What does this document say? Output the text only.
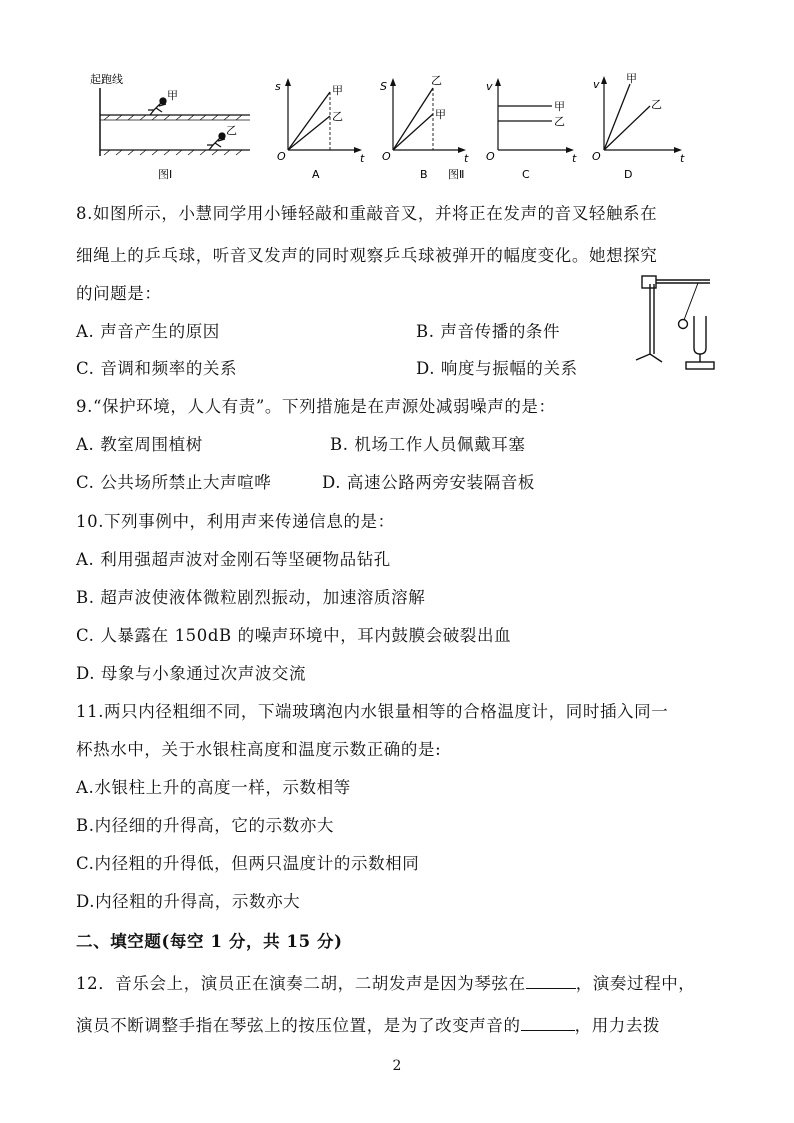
起跑线
甲
乙
图Ⅰ
s
O	t
甲
乙
A
S
O	t
乙
甲
B 图Ⅱ
v
O	t
甲
乙
C
v
O	t
甲
乙
D
8.如图所示，小慧同学用小锤轻敲和重敲音叉，并将正在发声的音叉轻触系在
细绳上的乒乓球，听音叉发声的同时观察乒乓球被弹开的幅度变化。她想探究
的问题是：
A. 声音产生的原因	B. 声音传播的条件
C. 音调和频率的关系	D. 响度与振幅的关系
9.“保护环境，人人有责”。下列措施是在声源处减弱噪声的是：
A. 教室周围植树	B. 机场工作人员佩戴耳塞
C. 公共场所禁止大声喧哗	D. 高速公路两旁安装隔音板
10.下列事例中，利用声来传递信息的是：
A. 利用强超声波对金刚石等坚硬物品钻孔
B. 超声波使液体微粒剧烈振动，加速溶质溶解
C. 人暴露在 150dB 的噪声环境中，耳内鼓膜会破裂出血
D. 母象与小象通过次声波交流
11.两只内径粗细不同，下端玻璃泡内水银量相等的合格温度计，同时插入同一
杯热水中，关于水银柱高度和温度示数正确的是:
A.水银柱上升的高度一样，示数相等
B.内径细的升得高，它的示数亦大
C.内径粗的升得低，但两只温度计的示数相同
D.内径粗的升得高，示数亦大
二、填空题(每空 1 分，共 15 分)
12．音乐会上，演员正在演奏二胡，二胡发声是因为琴弦在	，演奏过程中，
演员不断调整手指在琴弦上的按压位置，是为了改变声音的	，用力去拨
2
